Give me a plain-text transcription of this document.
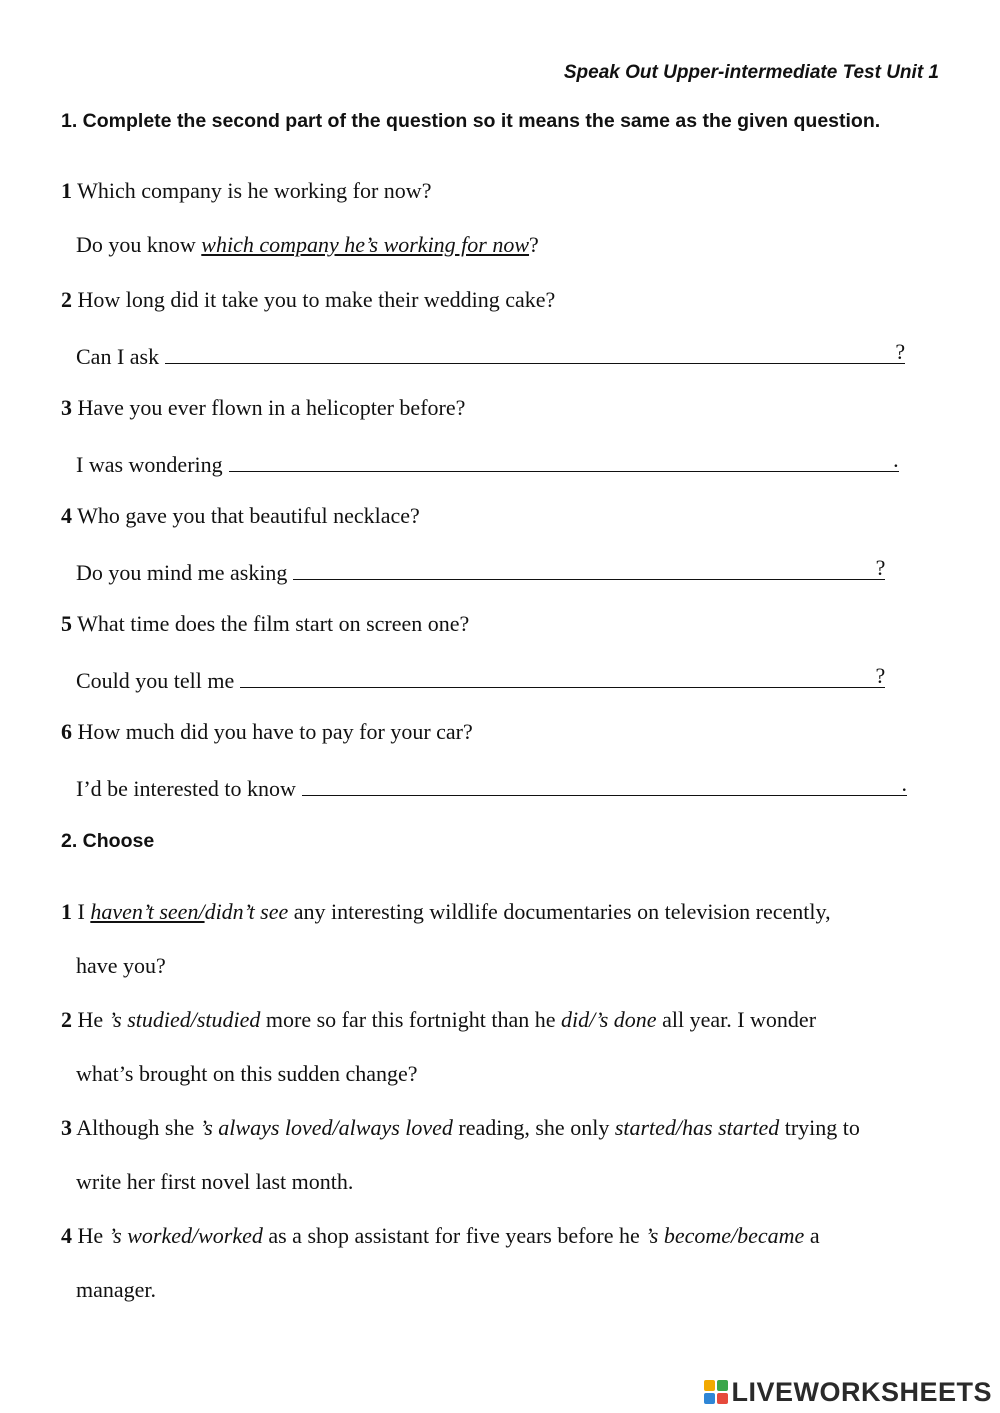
Speak Out Upper-intermediate Test Unit 1
1. Complete the second part of the question so it means the same as the given question.
1 Which company is he working for now?
Do you know which company he’s working for now ?
2 How long did it take you to make their wedding cake?
Can I ask	?
3 Have you ever flown in a helicopter before?
I was wondering	.
4 Who gave you that beautiful necklace?
Do you mind me asking	?
5 What time does the film start on screen one?
Could you tell me	?
6 How much did you have to pay for your car?
I’d be interested to know	.
2. Choose
1 I haven’t seen/didn’t see any interesting wildlife documentaries on television recently,
have you?
2 He ’s studied/studied more so far this fortnight than he did/’s done all year. I wonder
what’s brought on this sudden change?
3 Although she ’s always loved/always loved reading, she only started/has started trying to
write her first novel last month.
4 He ’s worked/worked as a shop assistant for five years before he ’s become/became a
manager.
LIVEWORKSHEETS
